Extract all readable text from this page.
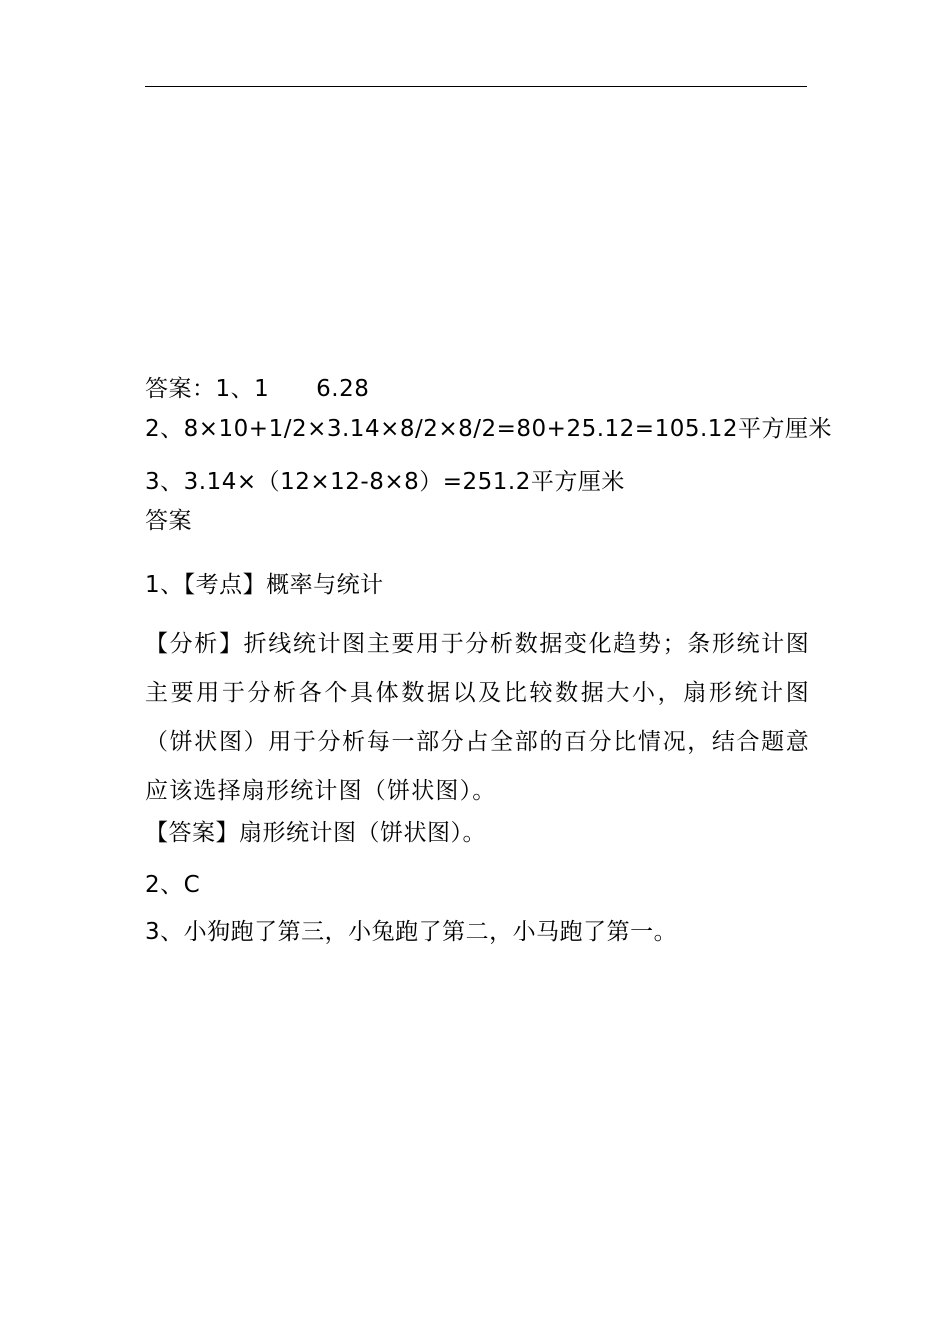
答案：1、1      6.28

2、8×10+1/2×3.14×8/2×8/2=80+25.12=105.12平方厘米

3、3.14×（12×12-8×8）=251.2平方厘米

答案

1、【考点】概率与统计

【分析】折线统计图主要用于分析数据变化趋势；条形统计图主要用于分析各个具体数据以及比较数据大小，扇形统计图（饼状图）用于分析每一部分占全部的百分比情况，结合题意应该选择扇形统计图（饼状图）。

【答案】扇形统计图（饼状图）。

2、C

3、小狗跑了第三，小兔跑了第二，小马跑了第一。
